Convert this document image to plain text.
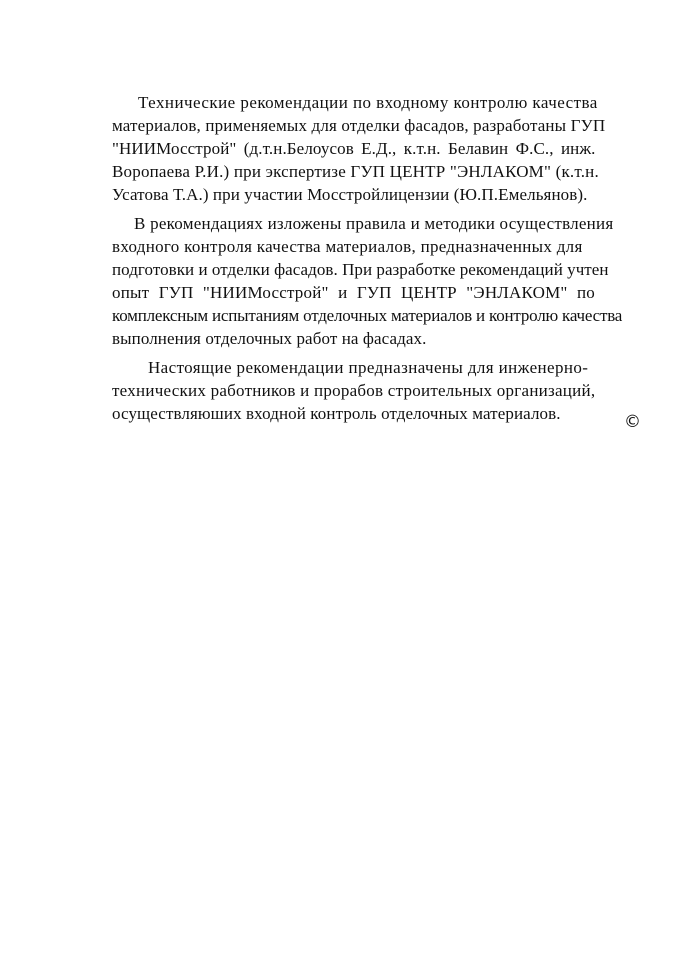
Технические рекомендации по входному контролю качества
материалов, применяемых для отделки фасадов, разработаны ГУП
"НИИМосстрой" (д.т.н.Белоусов Е.Д., к.т.н. Белавин Ф.С., инж.
Воропаева Р.И.) при экспертизе ГУП ЦЕНТР "ЭНЛАКОМ" (к.т.н.
Усатова Т.А.) при участии Мосстройлицензии (Ю.П.Емельянов).

В рекомендациях изложены правила и методики осуществления
входного контроля качества материалов, предназначенных для
подготовки и отделки фасадов. При разработке рекомендаций учтен
опыт ГУП "НИИМосстрой" и ГУП ЦЕНТР "ЭНЛАКОМ" по
комплексным испытаниям отделочных материалов и контролю качества
выполнения отделочных работ на фасадах.

Настоящие рекомендации предназначены для инженерно-
технических работников и прорабов строительных организаций,
осуществляюших входной контроль отделочных материалов.	©
